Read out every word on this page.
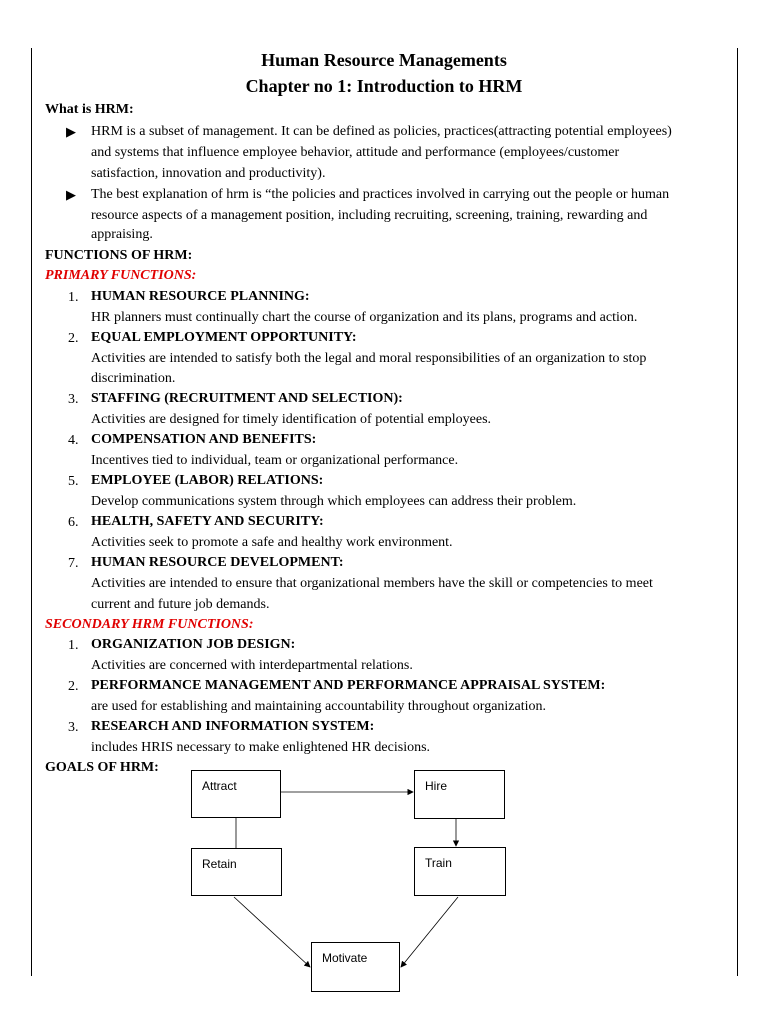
Human Resource Managements
Chapter no 1: Introduction to HRM
What is HRM:
▶ HRM is a subset of management. It can be defined as policies, practices(attracting potential employees)
and systems that influence employee behavior, attitude and performance (employees/customer
satisfaction, innovation and productivity).
▶ The best explanation of hrm is “the policies and practices involved in carrying out the people or human
resource aspects of a management position, including recruiting, screening, training, rewarding and
appraising.
FUNCTIONS OF HRM:
PRIMARY FUNCTIONS:
1. HUMAN RESOURCE PLANNING:
HR planners must continually chart the course of organization and its plans, programs and action.
2. EQUAL EMPLOYMENT OPPORTUNITY:
Activities are intended to satisfy both the legal and moral responsibilities of an organization to stop
discrimination.
3. STAFFING (RECRUITMENT AND SELECTION):
Activities are designed for timely identification of potential employees.
4. COMPENSATION AND BENEFITS:
Incentives tied to individual, team or organizational performance.
5. EMPLOYEE (LABOR) RELATIONS:
Develop communications system through which employees can address their problem.
6. HEALTH, SAFETY AND SECURITY:
Activities seek to promote a safe and healthy work environment.
7. HUMAN RESOURCE DEVELOPMENT:
Activities are intended to ensure that organizational members have the skill or competencies to meet
current and future job demands.
SECONDARY HRM FUNCTIONS:
1. ORGANIZATION JOB DESIGN:
Activities are concerned with interdepartmental relations.
2. PERFORMANCE MANAGEMENT AND PERFORMANCE APPRAISAL SYSTEM:
are used for establishing and maintaining accountability throughout organization.
3. RESEARCH AND INFORMATION SYSTEM:
includes HRIS necessary to make enlightened HR decisions.
GOALS OF HRM:
Attract	Hire
Retain	Train
Motivate
